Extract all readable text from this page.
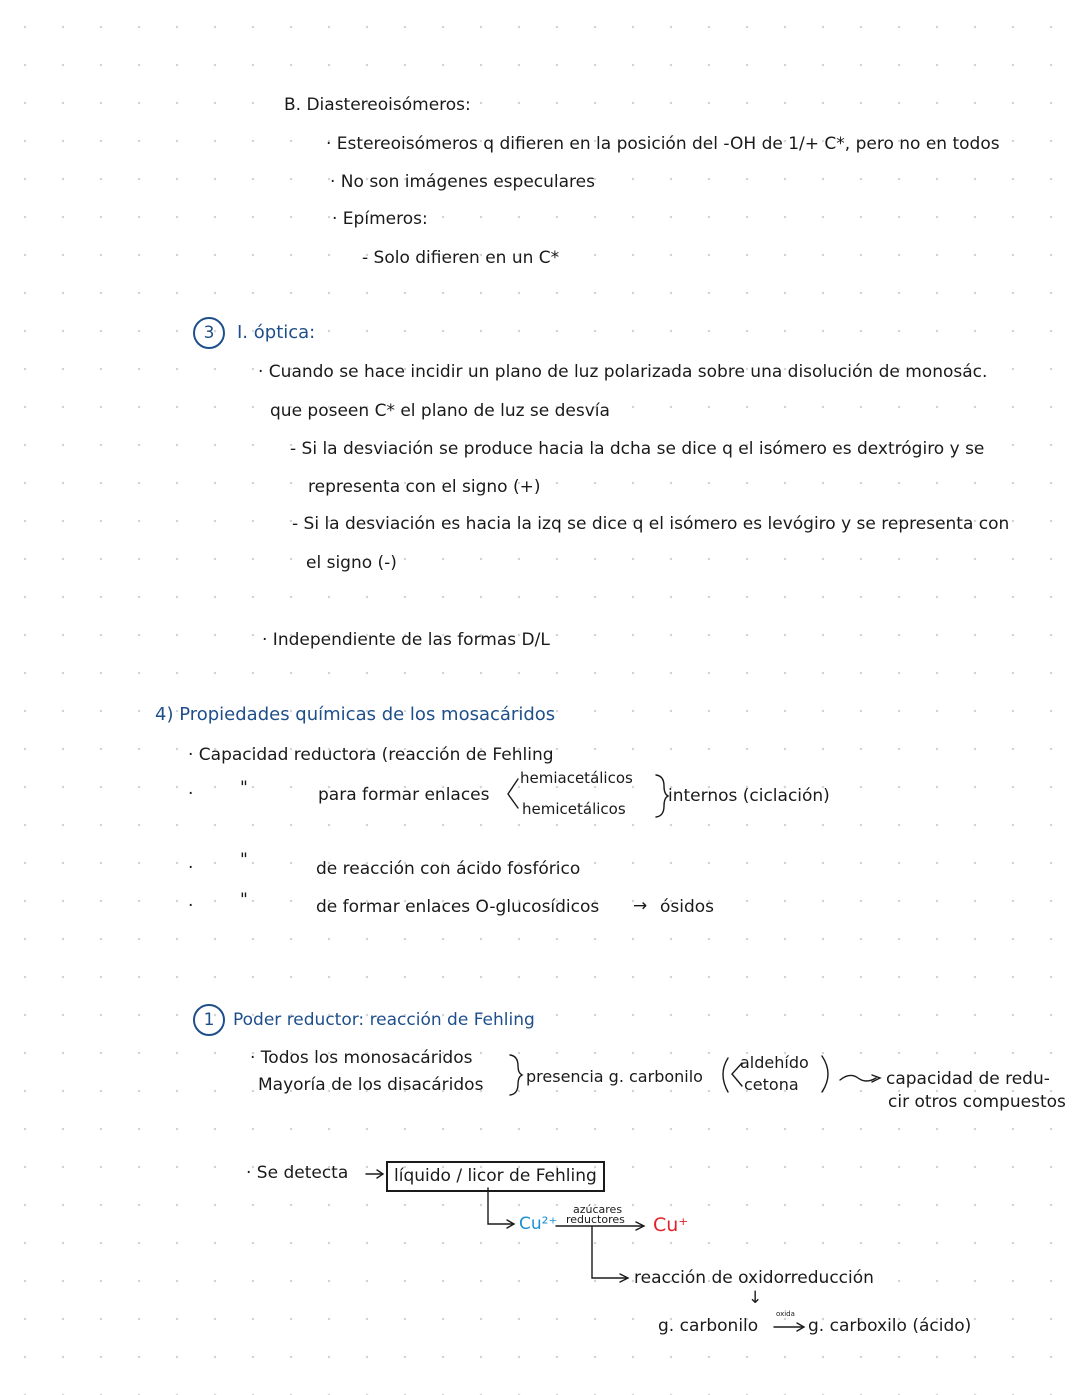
B. Diastereoisómeros:
· Estereoisómeros q difieren en la posición del -OH de 1/+ C*, pero no en todos
· No son imágenes especulares
· Epímeros:
- Solo difieren en un C*
3	I. óptica:
· Cuando se hace incidir un plano de luz polarizada sobre una disolución de monosác.
que poseen C* el plano de luz se desvía
- Si la desviación se produce hacia la dcha se dice q el isómero es dextrógiro y se
representa con el signo (+)
- Si la desviación es hacia la izq se dice q el isómero es levógiro y se representa con
el signo (-)
· Independiente de las formas D/L
4) Propiedades químicas de los mosacáridos
· Capacidad reductora (reacción de Fehling
·	"	para formar enlaces
hemiacetálicos
hemicetálicos
internos (ciclación)
·	"	de reacción con ácido fosfórico
·	"	de formar enlaces O-glucosídicos → ósidos
1	Poder reductor: reacción de Fehling
· Todos los monosacáridos
Mayoría de los disacáridos	presencia g. carbonilo
aldehído
cetona	capacidad de redu-
cir otros compuestos
· Se detecta	líquido / licor de Fehling
Cu²⁺
azúcares
reductores Cu⁺
reacción de oxidorreducción
↓
g. carbonilo
oxida
g. carboxilo (ácido)
